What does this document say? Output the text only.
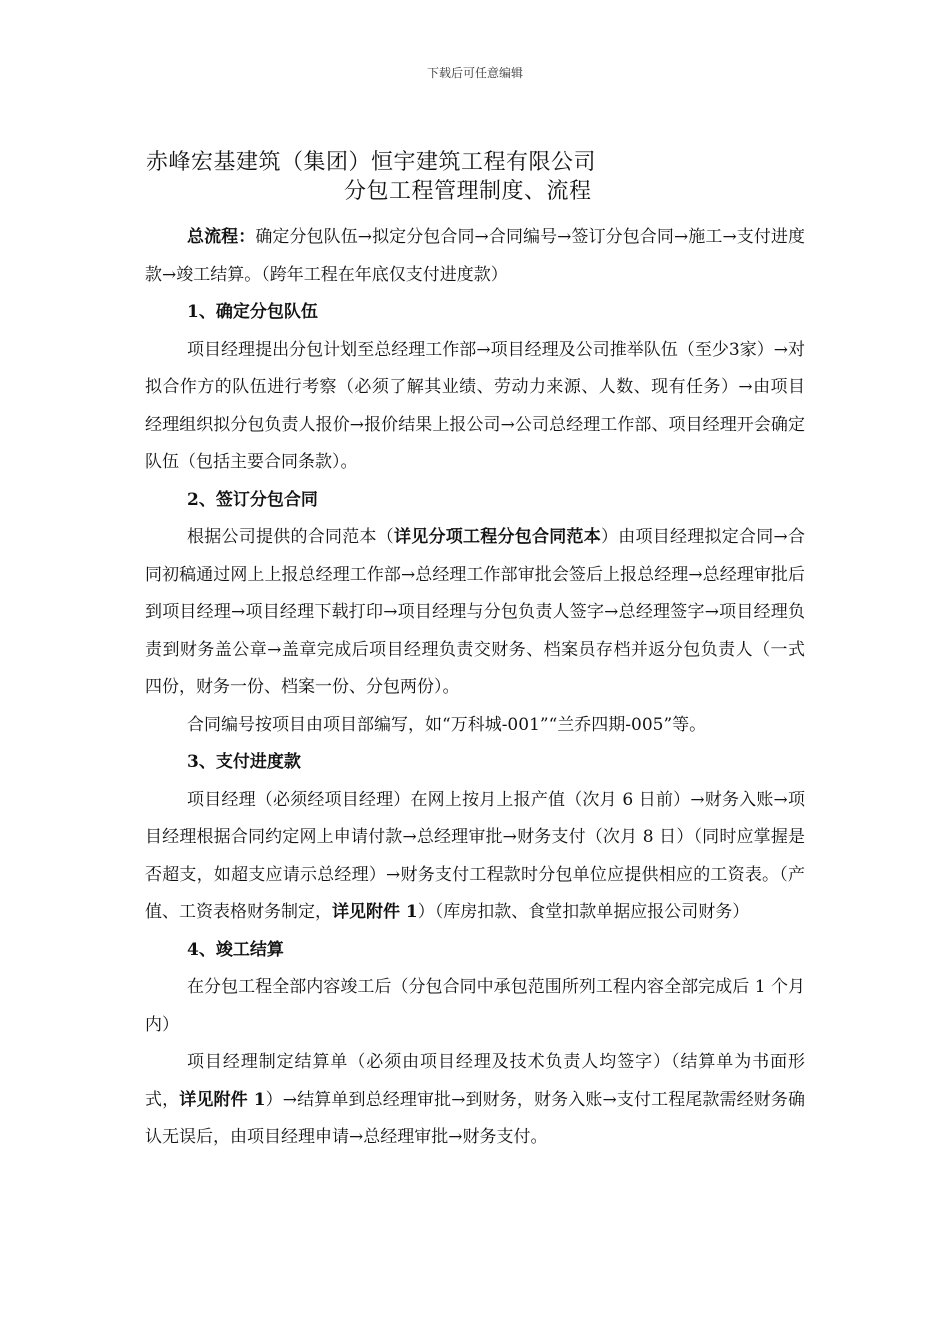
下载后可任意编辑
赤峰宏基建筑（集团）恒宇建筑工程有限公司
分包工程管理制度、流程

总流程：确定分包队伍→拟定分包合同→合同编号→签订分包合同→施工→支付进度款→竣工结算。（跨年工程在年底仅支付进度款）

1、确定分包队伍

项目经理提出分包计划至总经理工作部→项目经理及公司推举队伍（至少3家）→对拟合作方的队伍进行考察（必须了解其业绩、劳动力来源、人数、现有任务）→由项目经理组织拟分包负责人报价→报价结果上报公司→公司总经理工作部、项目经理开会确定队伍（包括主要合同条款）。

2、签订分包合同

根据公司提供的合同范本（详见分项工程分包合同范本）由项目经理拟定合同→合同初稿通过网上上报总经理工作部→总经理工作部审批会签后上报总经理→总经理审批后到项目经理→项目经理下载打印→项目经理与分包负责人签字→总经理签字→项目经理负责到财务盖公章→盖章完成后项目经理负责交财务、档案员存档并返分包负责人（一式四份，财务一份、档案一份、分包两份）。

合同编号按项目由项目部编写，如“万科城-001”“兰乔四期-005”等。

3、支付进度款

项目经理（必须经项目经理）在网上按月上报产值（次月 6 日前）→财务入账→项目经理根据合同约定网上申请付款→总经理审批→财务支付（次月 8 日）（同时应掌握是否超支，如超支应请示总经理）→财务支付工程款时分包单位应提供相应的工资表。（产值、工资表格财务制定，详见附件 1）（库房扣款、食堂扣款单据应报公司财务）

4、竣工结算

在分包工程全部内容竣工后（分包合同中承包范围所列工程内容全部完成后 1 个月内）

项目经理制定结算单（必须由项目经理及技术负责人均签字）（结算单为书面形式，详见附件 1）→结算单到总经理审批→到财务，财务入账→支付工程尾款需经财务确认无误后，由项目经理申请→总经理审批→财务支付。
